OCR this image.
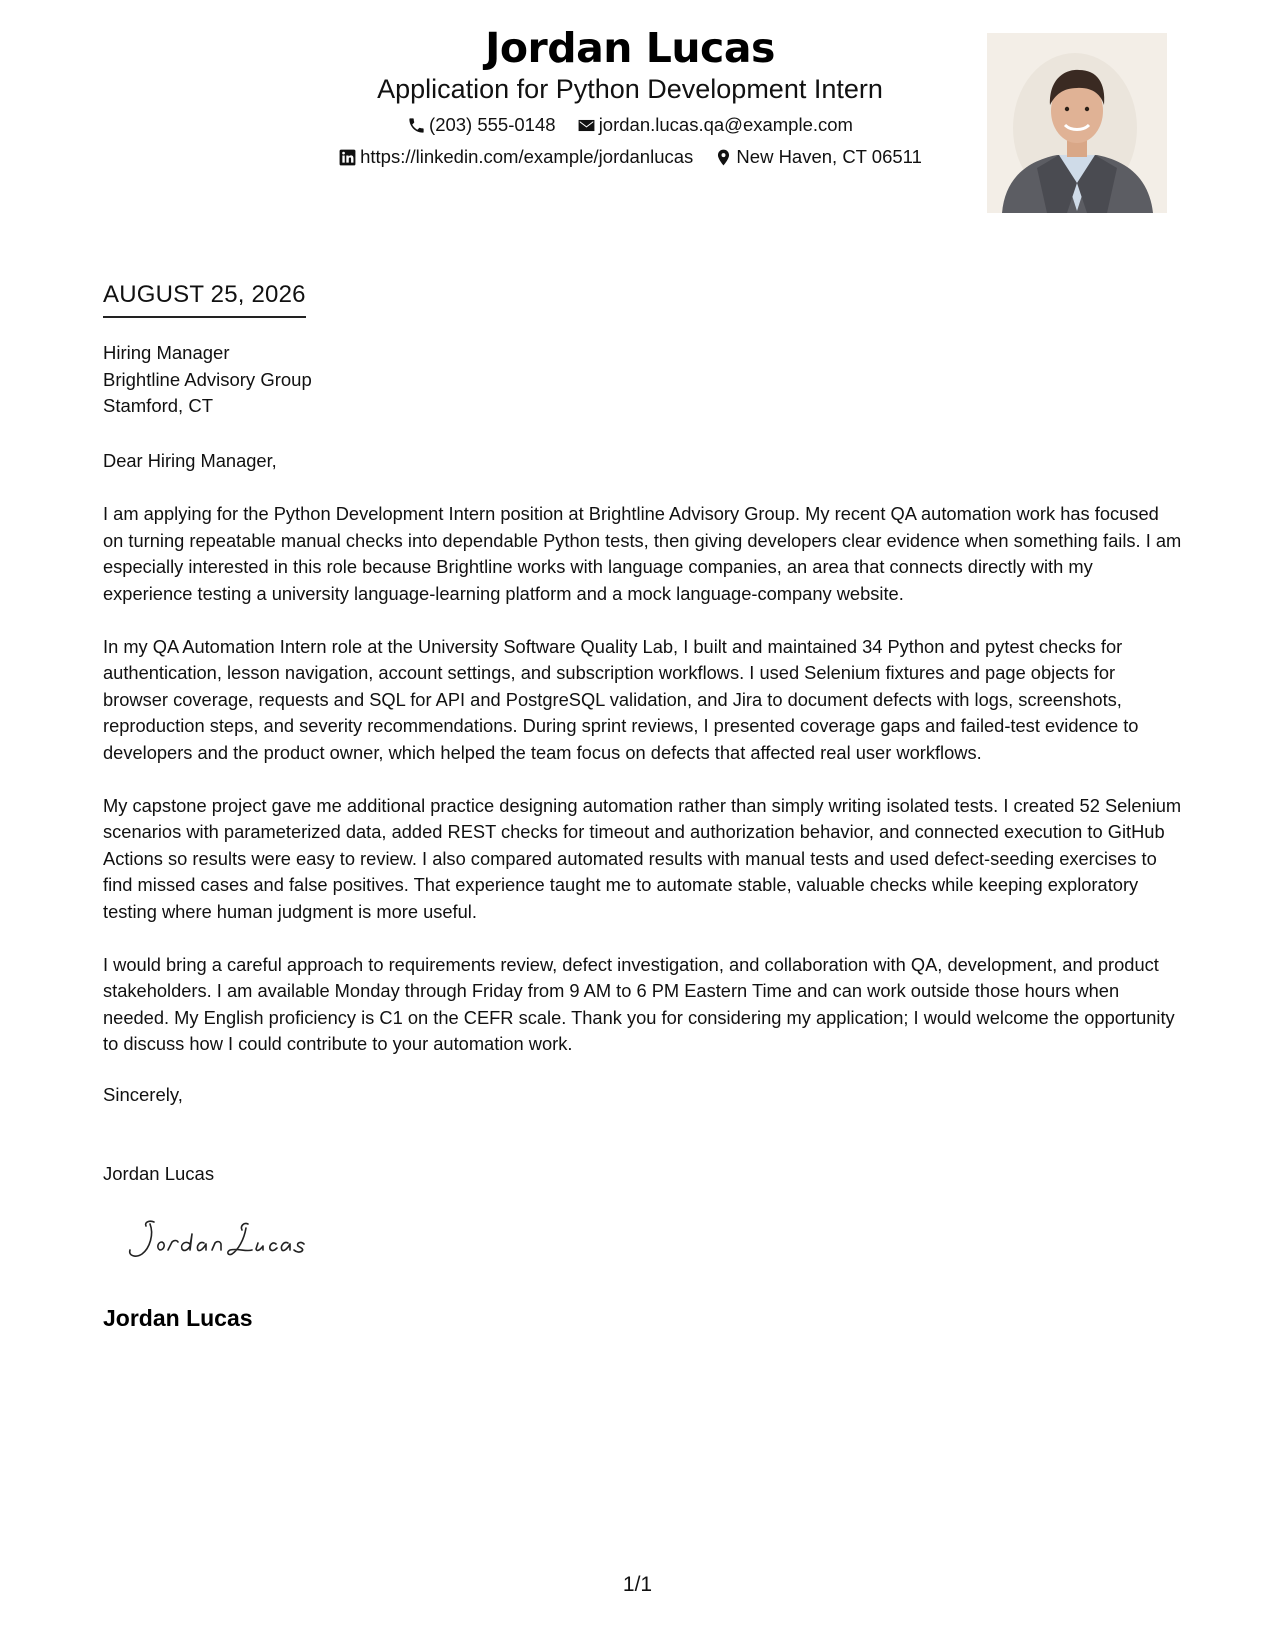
Jordan Lucas
Application for Python Development Intern
(203) 555-0148
jordan.lucas.qa@example.com
https://linkedin.com/example/jordanlucas
New Haven, CT 06511
AUGUST 25, 2026
Hiring Manager
Brightline Advisory Group
Stamford, CT

Dear Hiring Manager,

I am applying for the Python Development Intern position at Brightline Advisory Group. My recent QA automation work has focused on turning repeatable manual checks into dependable Python tests, then giving developers clear evidence when something fails. I am especially interested in this role because Brightline works with language companies, an area that connects directly with my experience testing a university language-learning platform and a mock language-company website.

In my QA Automation Intern role at the University Software Quality Lab, I built and maintained 34 Python and pytest checks for authentication, lesson navigation, account settings, and subscription workflows. I used Selenium fixtures and page objects for browser coverage, requests and SQL for API and PostgreSQL validation, and Jira to document defects with logs, screenshots, reproduction steps, and severity recommendations. During sprint reviews, I presented coverage gaps and failed-test evidence to developers and the product owner, which helped the team focus on defects that affected real user workflows.

My capstone project gave me additional practice designing automation rather than simply writing isolated tests. I created 52 Selenium scenarios with parameterized data, added REST checks for timeout and authorization behavior, and connected execution to GitHub Actions so results were easy to review. I also compared automated results with manual tests and used defect-seeding exercises to find missed cases and false positives. That experience taught me to automate stable, valuable checks while keeping exploratory testing where human judgment is more useful.

I would bring a careful approach to requirements review, defect investigation, and collaboration with QA, development, and product stakeholders. I am available Monday through Friday from 9 AM to 6 PM Eastern Time and can work outside those hours when needed. My English proficiency is C1 on the CEFR scale. Thank you for considering my application; I would welcome the opportunity to discuss how I could contribute to your automation work.

Sincerely,
Jordan Lucas
Jordan Lucas
1/1
